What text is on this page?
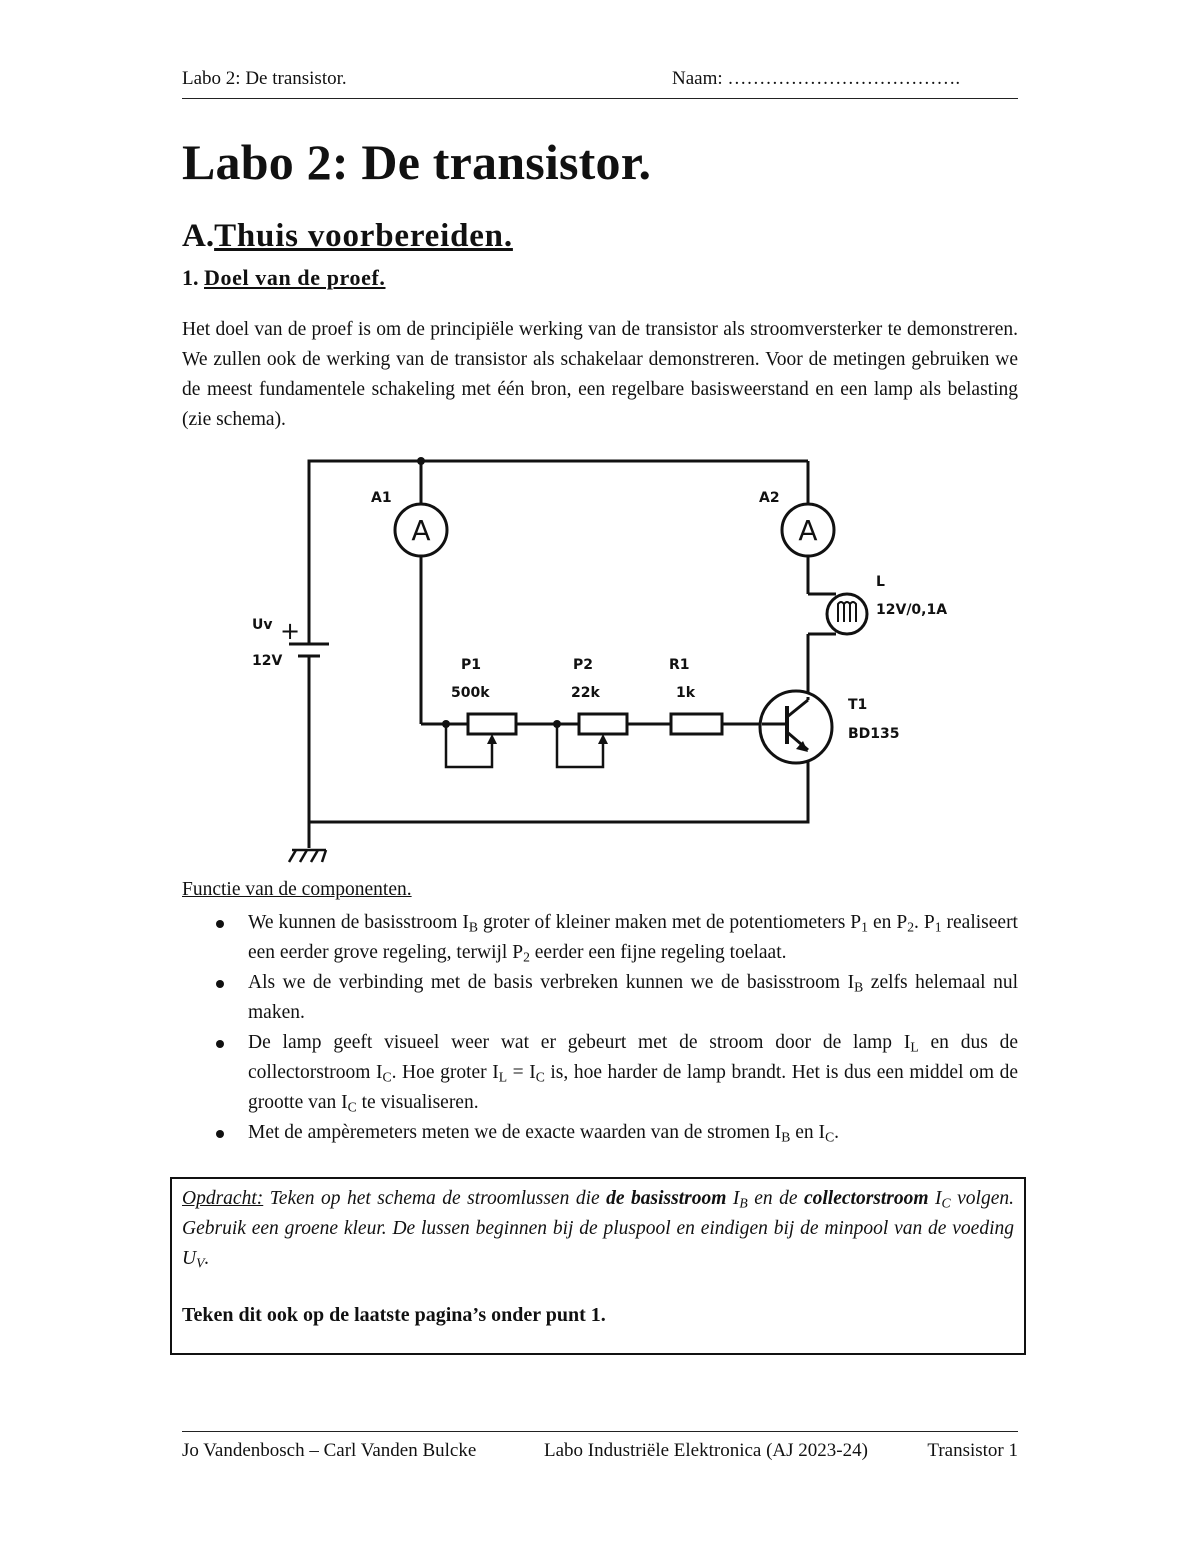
Labo 2: De transistor.	Naam: ……………………………….
Labo 2: De transistor.
A.Thuis voorbereiden.
1. Doel van de proef.

Het doel van de proef is om de principiële werking van de transistor als stroomversterker te demonstreren. We zullen ook de werking van de transistor als schakelaar demonstreren. Voor de metingen gebruiken we de meest fundamentele schakeling met één bron, een regelbare basisweerstand en een lamp als belasting (zie schema).

A
A1
A
A2
+
Uv
12V
L
12V/0,1A
P1
500k
P2
22k
R1
1k
T1
BD135
Functie van de componenten.
We kunnen de basisstroom $I_B$ groter of kleiner maken met de potentiometers $P_1$ en $P_2$. $P_1$ realiseert een eerder grove regeling, terwijl $P_2$ eerder een fijne regeling toelaat.
Als we de verbinding met de basis verbreken kunnen we de basisstroom $I_B$ zelfs helemaal nul maken.
De lamp geeft visueel weer wat er gebeurt met de stroom door de lamp $I_L$ en dus de collectorstroom $I_C$. Hoe groter $I_L = I_C$ is, hoe harder de lamp brandt. Het is dus een middel om de grootte van $I_C$ te visualiseren.
Met de ampèremeters meten we de exacte waarden van de stromen $I_B$ en $I_C$.
Opdracht: Teken op het schema de stroomlussen die de basisstroom $I_B$ en de collectorstroom $I_C$ volgen. Gebruik een groene kleur. De lussen beginnen bij de pluspool en eindigen bij de minpool van de voeding $U_V$.
Teken dit ook op de laatste pagina’s onder punt 1.
Jo Vandenbosch – Carl Vanden Bulcke	Labo Industriële Elektronica (AJ 2023-24)	Transistor 1
